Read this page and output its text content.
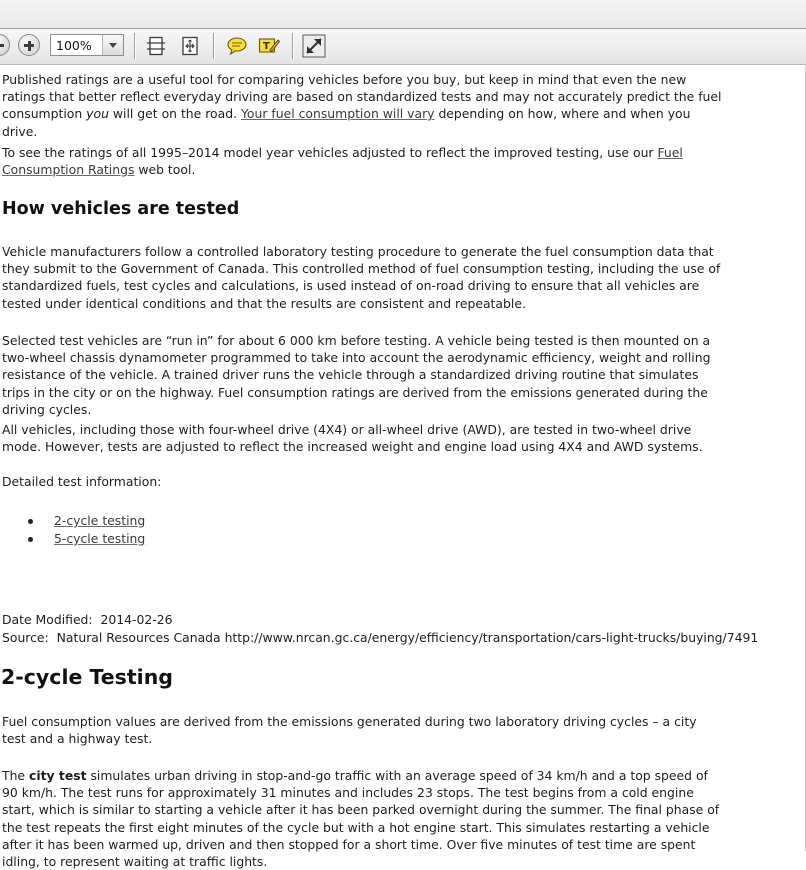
100%	T

Published ratings are a useful tool for comparing vehicles before you buy, but keep in mind that even the new ratings that better reflect everyday driving are based on standardized tests and may not accurately predict the fuel consumption you will get on the road. Your fuel consumption will vary depending on how, where and when you drive.

To see the ratings of all 1995–2014 model year vehicles adjusted to reflect the improved testing, use our Fuel Consumption Ratings web tool.

How vehicles are tested

Vehicle manufacturers follow a controlled laboratory testing procedure to generate the fuel consumption data that they submit to the Government of Canada. This controlled method of fuel consumption testing, including the use of standardized fuels, test cycles and calculations, is used instead of on-road driving to ensure that all vehicles are tested under identical conditions and that the results are consistent and repeatable.

Selected test vehicles are “run in” for about 6 000 km before testing. A vehicle being tested is then mounted on a two-wheel chassis dynamometer programmed to take into account the aerodynamic efficiency, weight and rolling resistance of the vehicle. A trained driver runs the vehicle through a standardized driving routine that simulates trips in the city or on the highway. Fuel consumption ratings are derived from the emissions generated during the driving cycles.

All vehicles, including those with four-wheel drive (4X4) or all-wheel drive (AWD), are tested in two-wheel drive mode. However, tests are adjusted to reflect the increased weight and engine load using 4X4 and AWD systems.

Detailed test information:

2-cycle testing
5-cycle testing

Date Modified: 2014-02-26

Source: Natural Resources Canada http://www.nrcan.gc.ca/energy/efficiency/transportation/cars-light-trucks/buying/7491

2-cycle Testing

Fuel consumption values are derived from the emissions generated during two laboratory driving cycles – a city test and a highway test.

The city test simulates urban driving in stop-and-go traffic with an average speed of 34 km/h and a top speed of 90 km/h. The test runs for approximately 31 minutes and includes 23 stops. The test begins from a cold engine start, which is similar to starting a vehicle after it has been parked overnight during the summer. The final phase of the test repeats the first eight minutes of the cycle but with a hot engine start. This simulates restarting a vehicle after it has been warmed up, driven and then stopped for a short time. Over five minutes of test time are spent idling, to represent waiting at traffic lights.
